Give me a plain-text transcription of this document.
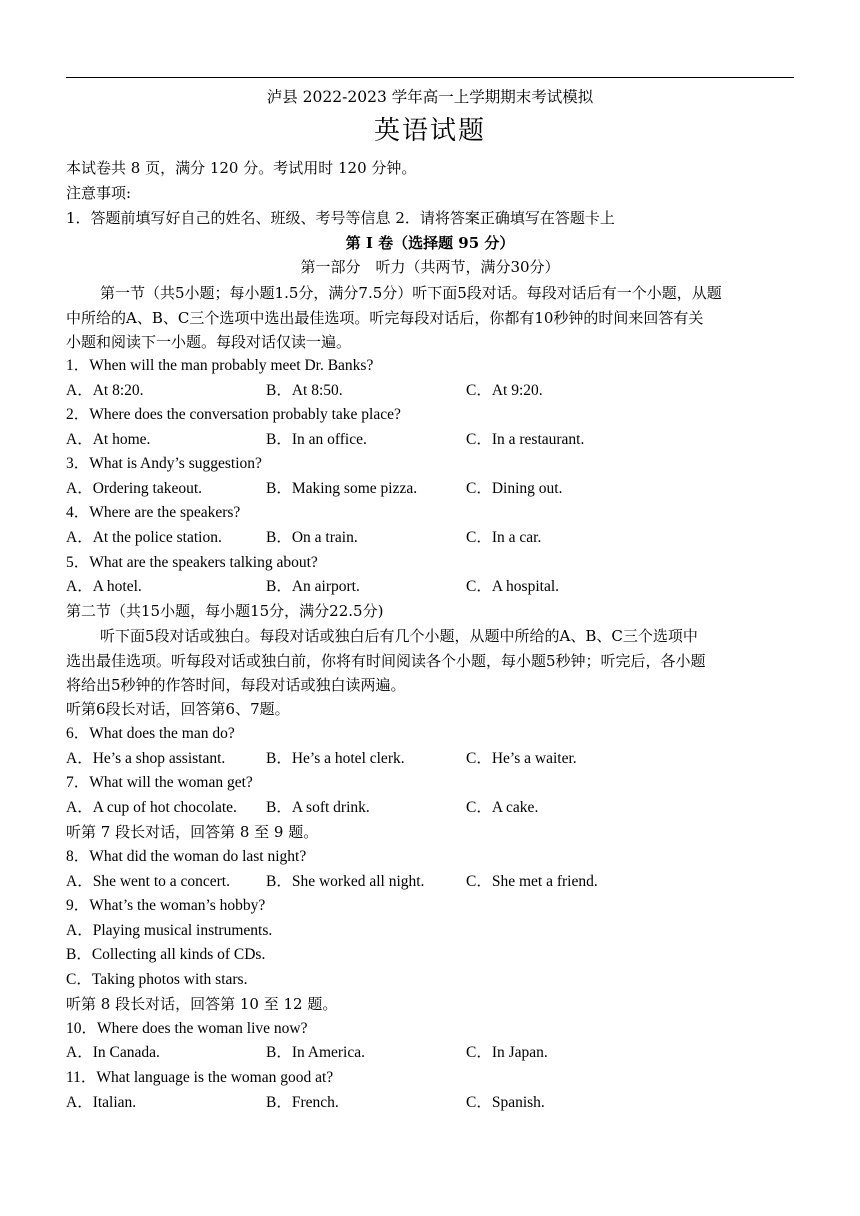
泸县 2022-2023 学年高一上学期期末考试模拟
英语试题
本试卷共 8 页，满分 120 分。考试用时 120 分钟。
注意事项:
1．答题前填写好自己的姓名、班级、考号等信息 2．请将答案正确填写在答题卡上
第 I 卷（选择题 95 分）
第一部分　听力（共两节，满分30分）
第一节（共5小题；每小题1.5分，满分7.5分）听下面5段对话。每段对话后有一个小题，从题
中所给的A、B、C三个选项中选出最佳选项。听完每段对话后，你都有10秒钟的时间来回答有关
小题和阅读下一小题。每段对话仅读一遍。
1．When will the man probably meet Dr. Banks?
A．At 8:20.	B．At 8:50.	C．At 9:20.
2．Where does the conversation probably take place?
A．At home.	B．In an office.	C．In a restaurant.
3．What is Andy’s suggestion?
A．Ordering takeout.	B．Making some pizza.	C．Dining out.
4．Where are the speakers?
A．At the police station.	B．On a train.	C．In a car.
5．What are the speakers talking about?
A．A hotel.	B．An airport.	C．A hospital.
第二节（共15小题，每小题15分，满分22.5分)
听下面5段对话或独白。每段对话或独白后有几个小题，从题中所给的A、B、C三个选项中
选出最佳选项。听每段对话或独白前，你将有时间阅读各个小题，每小题5秒钟；听完后，各小题
将给出5秒钟的作答时间，每段对话或独白读两遍。
听第6段长对话，回答第6、7题。
6．What does the man do?
A．He’s a shop assistant.	B．He’s a hotel clerk.	C．He’s a waiter.
7．What will the woman get?
A．A cup of hot chocolate. B．A soft drink.	C．A cake.
听第 7 段长对话，回答第 8 至 9 题。
8．What did the woman do last night?
A．She went to a concert. B．She worked all night.	C．She met a friend.
9．What’s the woman’s hobby?
A．Playing musical instruments.
B．Collecting all kinds of CDs.
C．Taking photos with stars.
听第 8 段长对话，回答第 10 至 12 题。
10．Where does the woman live now?
A．In Canada.	B．In America.	C．In Japan.
11．What language is the woman good at?
A．Italian.	B．French.	C．Spanish.
